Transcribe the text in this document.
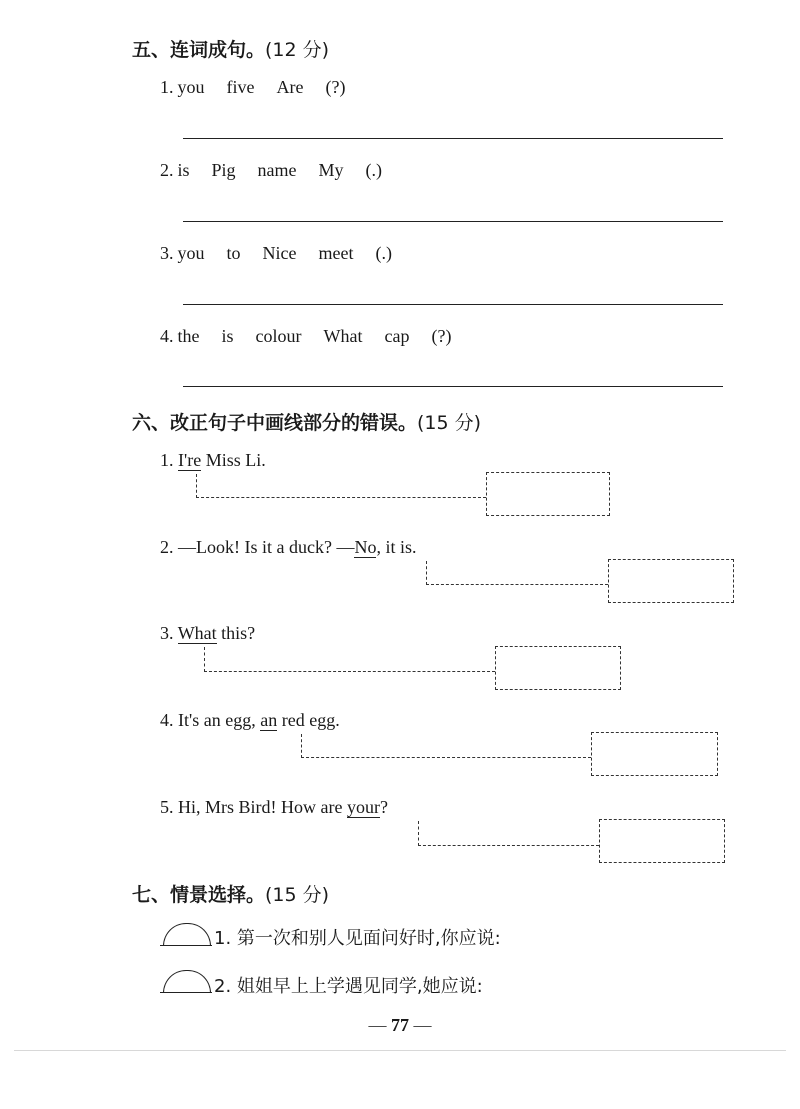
五、连词成句。(12 分)
1. you five Are (?)
2. is Pig name My (.)
3. you to Nice meet (.)
4. the is colour What cap (?)
六、改正句子中画线部分的错误。(15 分)
1. I're Miss Li.
2. —Look! Is it a duck? —No, it is.
3. What this?
4. It's an egg, an red egg.
5. Hi, Mrs Bird! How are your?
七、情景选择。(15 分)
1. 第一次和别人见面问好时,你应说:
2. 姐姐早上上学遇见同学,她应说:
— 77 —
